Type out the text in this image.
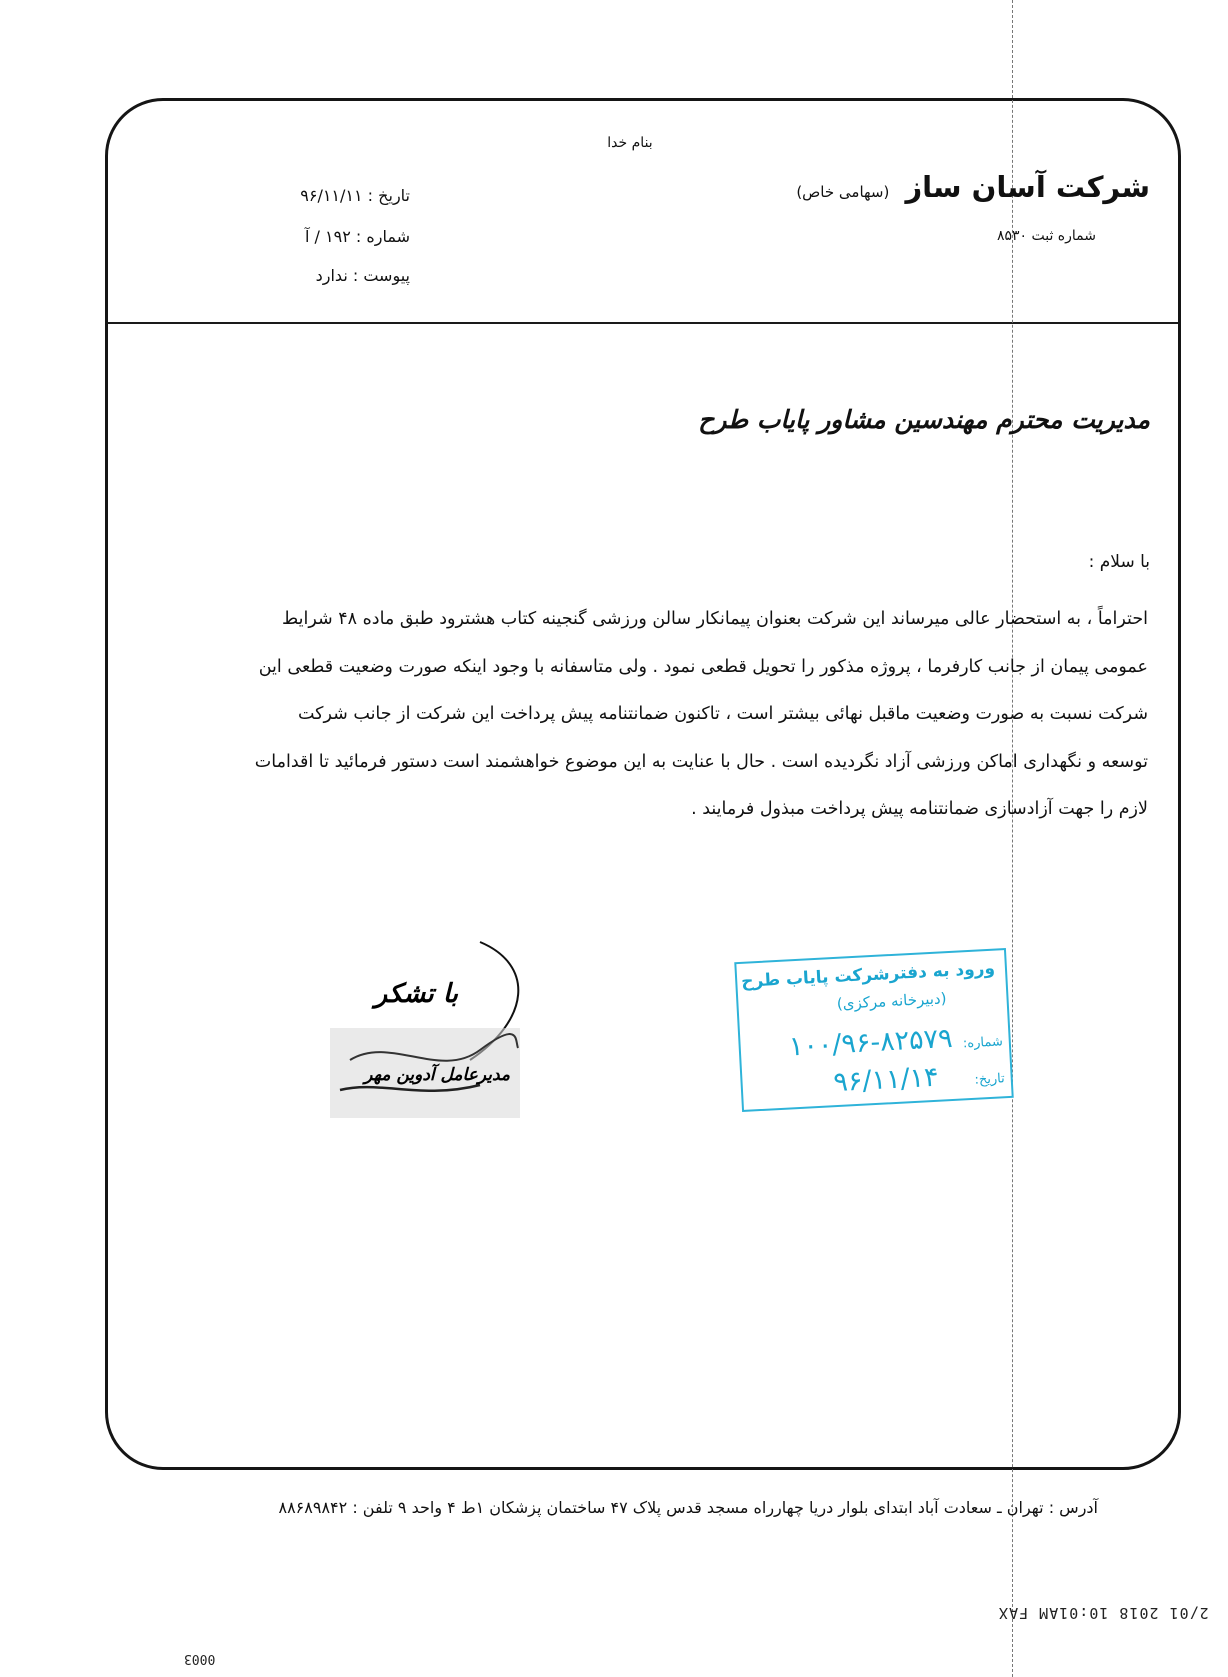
بنام خدا
شرکت آسان ساز (سهامی خاص)
شماره ثبت ۸۵۳۰
تاریخ : ۹۶/۱۱/۱۱
شماره : ۱۹۲ / آ
پیوست : ندارد
مدیریت محترم مهندسین مشاور پایاب طرح
با سلام :

احتراماً ، به استحضار عالی میرساند این شرکت بعنوان پیمانکار سالن ورزشی گنجینه کتاب هشترود طبق ماده ۴۸ شرایط

عمومی پیمان از جانب کارفرما ، پروژه مذکور را تحویل قطعی نمود . ولی متاسفانه با وجود اینکه صورت وضعیت قطعی این

شرکت نسبت به صورت وضعیت ماقبل نهائی بیشتر است ، تاکنون ضمانتنامه پیش پرداخت این شرکت از جانب شرکت

توسعه و نگهداری اماکن ورزشی آزاد نگردیده است . حال با عنایت به این موضوع خواهشمند است دستور فرمائید تا اقدامات

لازم را جهت آزادسازی ضمانتنامه پیش پرداخت مبذول فرمایند .

با تشکر
مدیرعامل آدوین مهر
ورود به دفترشرکت پایاب طرح
(دبیرخانه مرکزی)
شماره:
۱۰۰/۹۶-۸۲۵۷۹
تاریخ:
۹۶/۱۱/۱۴
آدرس : تهران ـ سعادت آباد ابتدای بلوار دریا چهارراه مسجد قدس پلاک ۴۷ ساختمان پزشکان ۱ط ۴ واحد ۹ تلفن : ۸۸۶۸۹۸۴۲
2/01 2018 10:01AM FAX
0003
